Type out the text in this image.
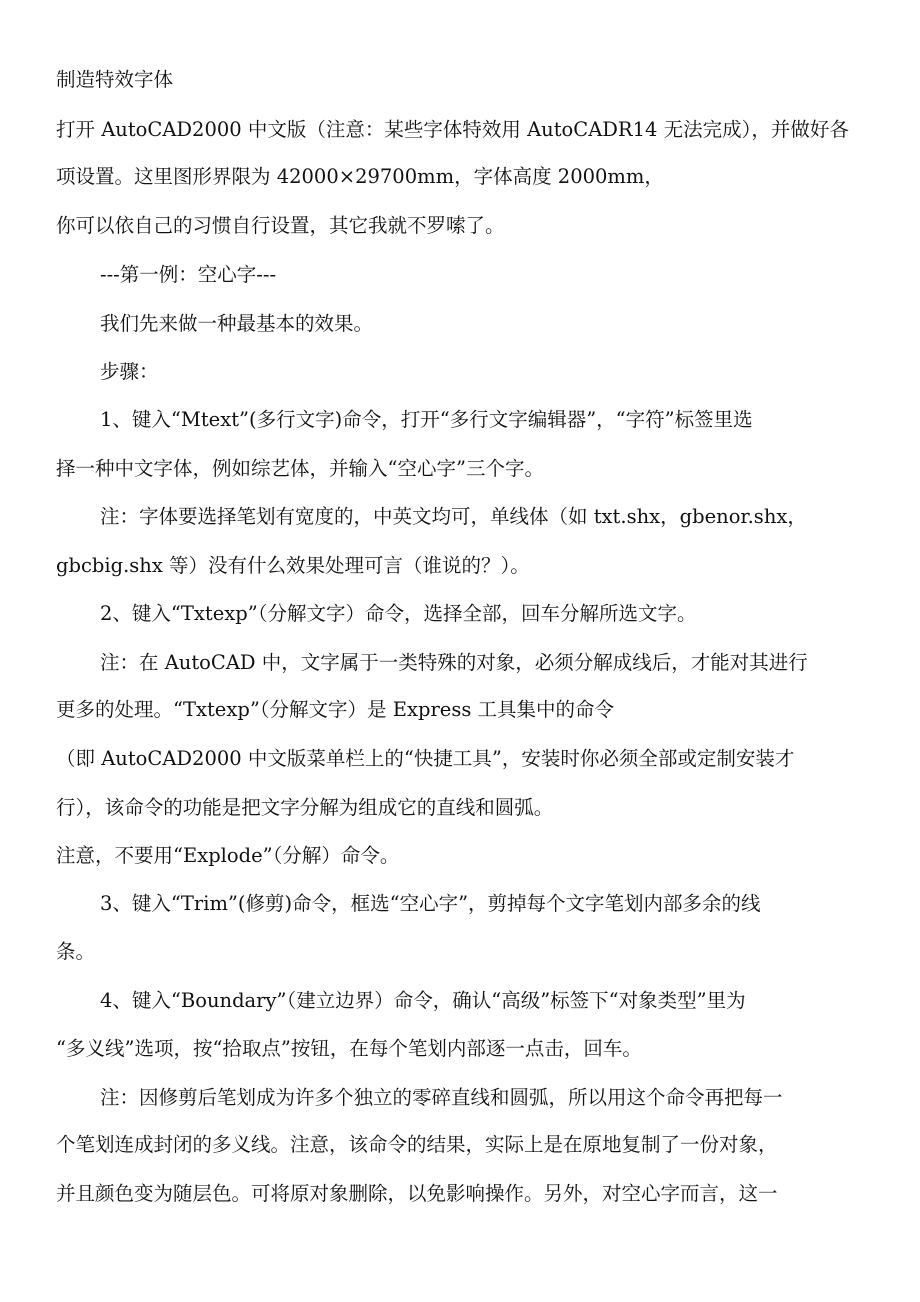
制造特效字体

打开 AutoCAD2000 中文版（注意：某些字体特效用 AutoCADR14 无法完成），并做好各

项设置。这里图形界限为 42000×29700mm，字体高度 2000mm，

你可以依自己的习惯自行设置，其它我就不罗嗦了。

---第一例：空心字---

我们先来做一种最基本的效果。

步骤：

1、键入“Mtext”(多行文字)命令，打开“多行文字编辑器”，“字符”标签里选

择一种中文字体，例如综艺体，并输入“空心字”三个字。

注：字体要选择笔划有宽度的，中英文均可，单线体（如 txt.shx，gbenor.shx，

gbcbig.shx 等）没有什么效果处理可言（谁说的？）。

2、键入“Txtexp”（分解文字）命令，选择全部，回车分解所选文字。

注：在 AutoCAD 中，文字属于一类特殊的对象，必须分解成线后，才能对其进行

更多的处理。“Txtexp”（分解文字）是 Express 工具集中的命令

（即 AutoCAD2000 中文版菜单栏上的“快捷工具”，安装时你必须全部或定制安装才

行），该命令的功能是把文字分解为组成它的直线和圆弧。

注意，不要用“Explode”（分解）命令。

3、键入“Trim”(修剪)命令，框选“空心字”，剪掉每个文字笔划内部多余的线

条。

4、键入“Boundary”（建立边界）命令，确认“高级”标签下“对象类型”里为

“多义线”选项，按“拾取点”按钮，在每个笔划内部逐一点击，回车。

注：因修剪后笔划成为许多个独立的零碎直线和圆弧，所以用这个命令再把每一

个笔划连成封闭的多义线。注意，该命令的结果，实际上是在原地复制了一份对象，

并且颜色变为随层色。可将原对象删除，以免影响操作。另外，对空心字而言，这一
